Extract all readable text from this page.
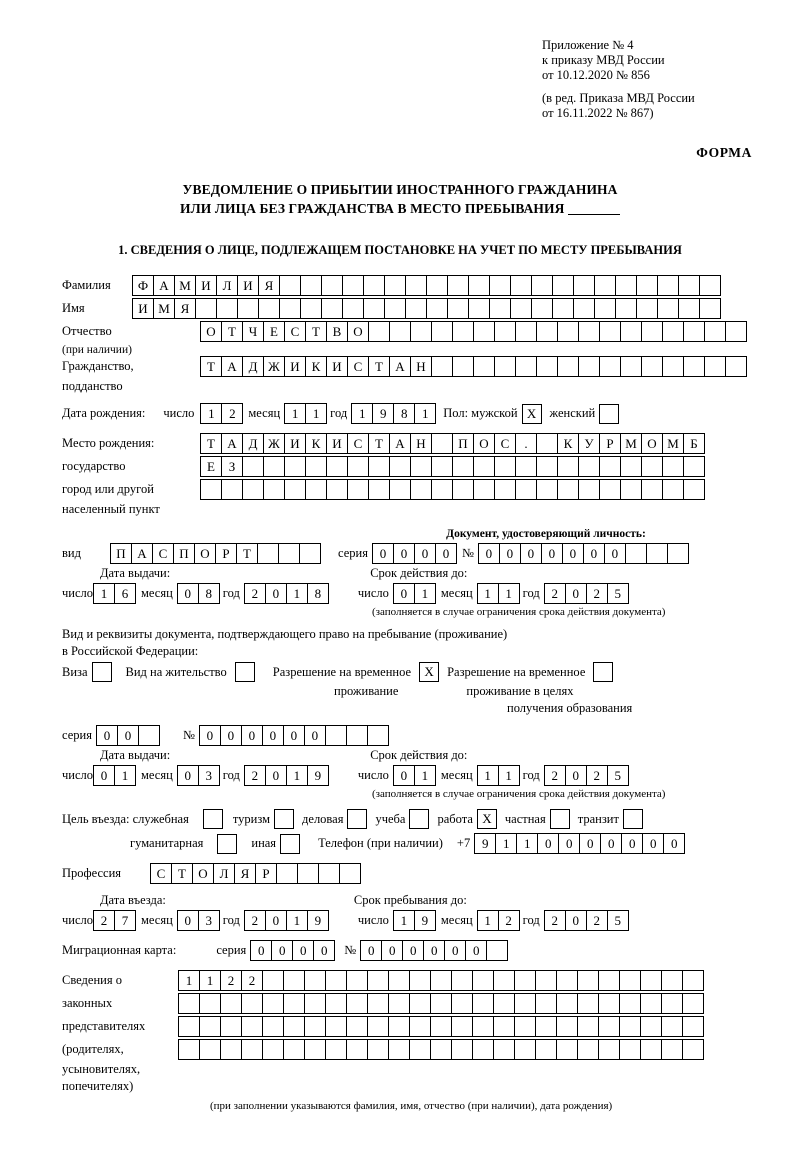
Приложение № 4
к приказу МВД России
от 10.12.2020 № 856
(в ред. Приказа МВД России
от 16.11.2022 № 867)
ФОРМА
УВЕДОМЛЕНИЕ О ПРИБЫТИИ ИНОСТРАННОГО ГРАЖДАНИНА
ИЛИ ЛИЦА БЕЗ ГРАЖДАНСТВА В МЕСТО ПРЕБЫВАНИЯ
1. СВЕДЕНИЯ О ЛИЦЕ, ПОДЛЕЖАЩЕМ ПОСТАНОВКЕ НА УЧЕТ ПО МЕСТУ ПРЕБЫВАНИЯ
Фамилия	Ф А М И Л И Я
Имя	И М Я
Отчество	О Т Ч Е С Т В О
(при наличии)
Гражданство,	Т А Д Ж И К И С Т А Н
подданство
Дата рождения: число	1	2	месяц 1	1 год 1	9	8	1	Пол: мужской Х	женский
Место рождения:	Т А Д Ж И К И С Т А Н	П О С	.	К У Р М О М Б
государство	Е	З
город или другой
населенный пункт
Документ, удостоверяющий личность:
вид	П А С П О Р	Т	серия 0	0	0	0	№ 0	0	0	0	0	0	0
Дата выдачи:	Срок действия до:
число 1	6	месяц 0	8 год 2	0	1	8	число 0	1	месяц 1	1 год 2	0	2	5
(заполняется в случае ограничения срока действия документа)
Вид и реквизиты документа, подтверждающего право на пребывание (проживание)
в Российской Федерации:
Виза	Вид на жительство	Разрешение на временное	Х	Разрешение на временное
проживание	проживание в целях
получения образования
серия 0	0	№ 0	0	0	0	0	0
Дата выдачи:	Срок действия до:
число 0	1	месяц 0	3 год 2	0	1	9	число 0	1	месяц 1	1 год 2	0	2	5
(заполняется в случае ограничения срока действия документа)
Цель въезда: служебная	туризм	деловая	учеба	работа Х	частная	транзит
гуманитарная	иная	Телефон (при наличии) +7 9	1	1	0	0	0	0	0	0	0
Профессия	С Т О Л Я	Р
Дата въезда:	Срок пребывания до:
число 2	7	месяц 0	3 год 2	0	1	9	число 1	9	месяц 1	2 год 2	0	2	5
Миграционная карта:	серия 0	0	0	0	№ 0	0	0	0	0	0
Сведения о	1	1	2	2
законных
представителях
(родителях,
усыновителях,
попечителях)
(при заполнении указываются фамилия, имя, отчество (при наличии), дата рождения)
